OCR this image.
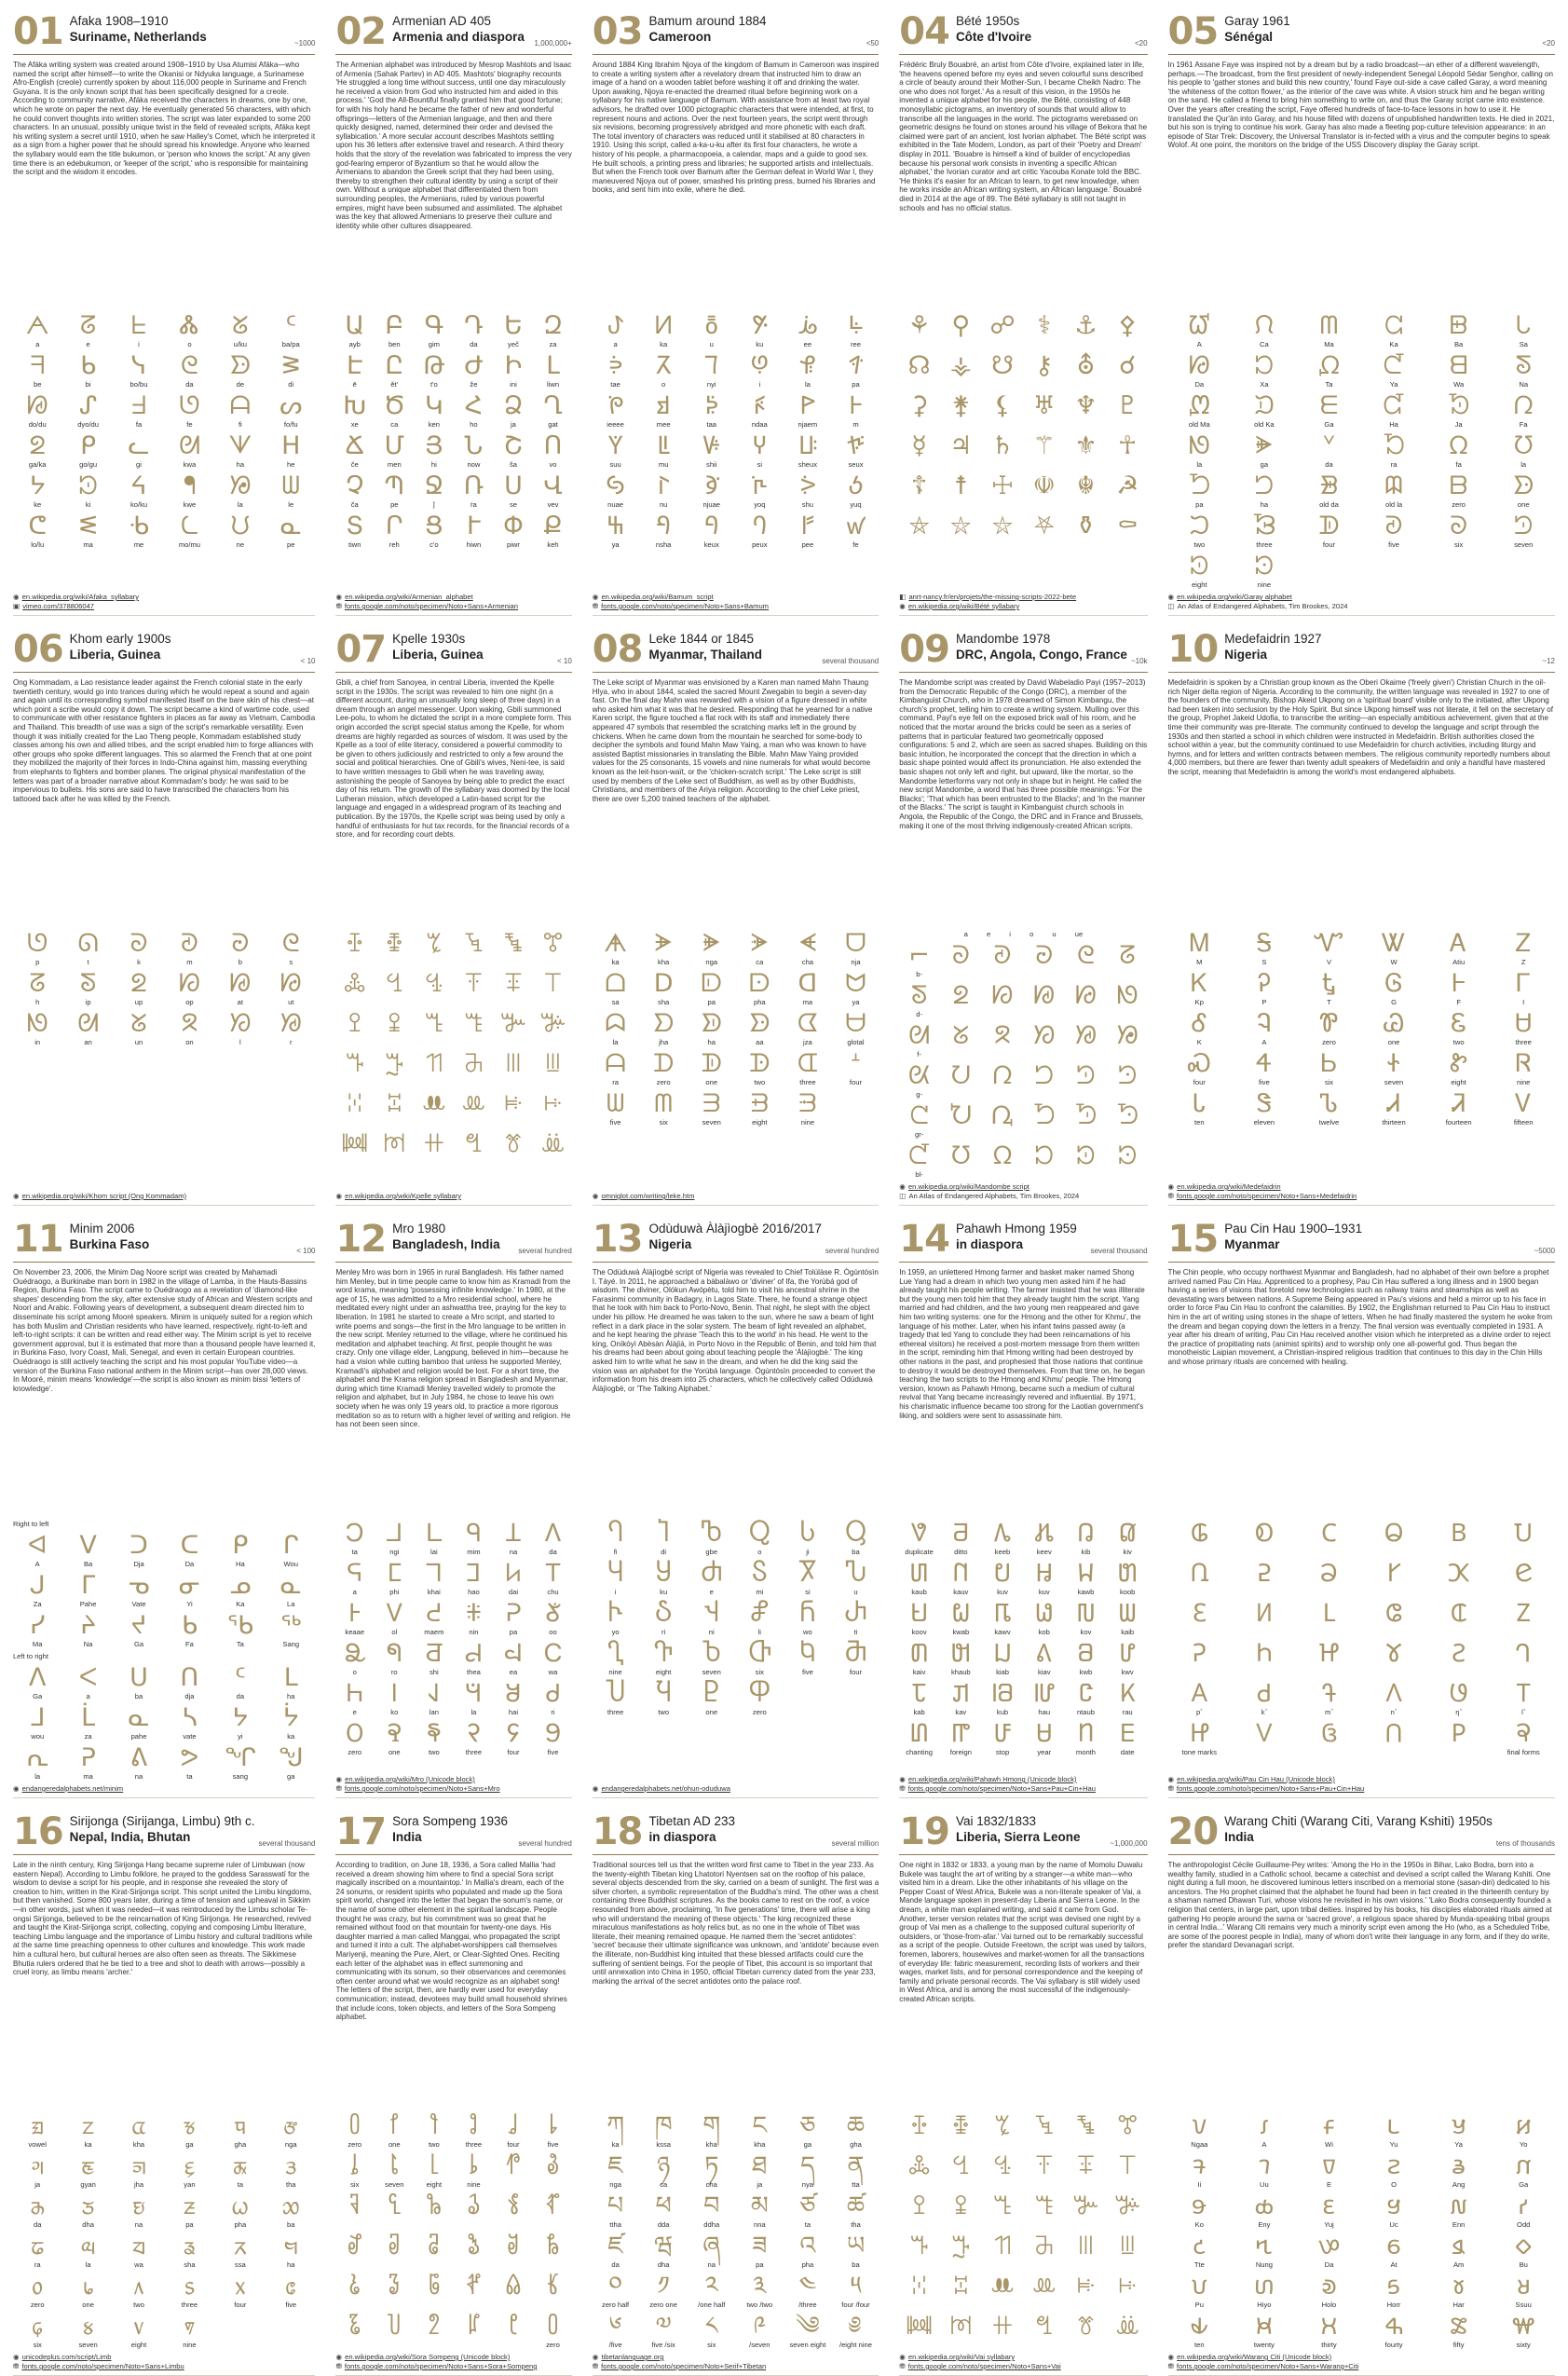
01 Afaka 1908–1910
Suriname, Netherlands	~1000
The Afáka writing system was created around 1908–1910 by Usa Atumisi Afáka—who named the script after himself—to write the Okanisi or Ndyuka language, a Surinamese Afro-English (creole) currently spoken by about 116,000 people in Suriname and French Guyana. It is the only known script that has been specifically designed for a creole. According to community narrative, Afáka received the characters in dreams, one by one, which he wrote on paper the next day. He eventually generated 56 characters, with which he could convert thoughts into written stories. The script was later expanded to some 200 characters. In an unusual, possibly unique twist in the field of revealed scripts, Afáka kept his writing system a secret until 1910, when he saw Halley's Comet, which he interpreted it as a sign from a higher power that he should spread his knowledge. Anyone who learned the syllabary would earn the title bukumon, or 'person who knows the script.' At any given time there is an edebukumon, or 'keeper of the script,' who is responsible for maintaining the script and the wisdom it encodes.
ᗅ
a
ᘔ
e
ᖶ
i
Ꮬ
o
ᘜ
u/ku
ᑦ
ba/pa
ᖷ
be
ᑲ
bi
ᓭ
bo/bu
ᘓ
da
ᗦ
de
ᕒ
di
ᘘ
do/du
ᔑ
dyo/du
ᖵ
fa
ᘎ
fe
ᗩ
fi
ᔕ
fo/fu
ᘖ
ga/ka
ᑭ
go/gu
ᓚ
gi
ᘛ
kwa
ᗐ
ha
ᕼ
he
ᔭ
ke
ᘱ
ki
ᔦ
ko/ku
ᖳ
kwe
ᘠ
la
ᗯ
le
ᕦ
lo/lu
ᓬ
ma
ᑾ
me
ᘇ
mo/mu
ᙀ
ne
ᓇ
pe
◉ en.wikipedia.org/wiki/Afaka_syllabary
▣ vimeo.com/378806047
02 Armenian AD 405
Armenia and diaspora	1,000,000+
The Armenian alphabet was introduced by Mesrop Mashtots and Isaac of Armenia (Sahak Partev) in AD 405. Mashtots' biography recounts 'He struggled a long time without success, until one day miraculously he received a vision from God who instructed him and aided in this process.' 'God the All-Bountiful finally granted him that good fortune; for with his holy hand he became the father of new and wonderful offsprings—letters of the Armenian language, and then and there quickly designed, named, determined their order and devised the syllabication.' A more secular account describes Mashtots settling upon his 36 letters after extensive travel and research. A third theory holds that the story of the revelation was fabricated to impress the very god-fearing emperor of Byzantium so that he would allow the Armenians to abandon the Greek script that they had been using, thereby to strengthen their cultural identity by using a script of their own. Without a unique alphabet that differentiated them from surrounding peoples, the Armenians, ruled by various powerful empires, might have been subsumed and assimilated. The alphabet was the key that allowed Armenians to preserve their culture and identity while other cultures disappeared.
Ա
ayb
Բ
ben
Գ
gim
Դ
da
Ե
yeč
Զ
za
Է
ē
Ը
ět'
Թ
t'o
Ժ
že
Ի
ini
Լ
liwn
Խ
xe
Ծ
ca
Կ
ken
Հ
ho
Ձ
ja
Ղ
gat
Ճ
če
Մ
men
Յ
hi
Ն
now
Շ
ša
Ո
vo
Չ
ča
Պ
pe
Ջ
ǰ
Ռ
ṙa
Ս
se
Վ
vev
Տ
tiwn
Ր
reh
Ց
c'o
Ւ
hiwn
Փ
piwr
Ք
keh
◉ en.wikipedia.org/wiki/Armenian_alphabet
⛃ fonts.google.com/noto/specimen/Noto+Sans+Armenian
03 Bamum around 1884
Cameroon	<50
Around 1884 King Ibrahim Njoya of the kingdom of Bamum in Cameroon was inspired to create a writing system after a revelatory dream that instructed him to draw an image of a hand on a wooden tablet before washing it off and drinking the water. Upon awaking, Njoya re-enacted the dreamed ritual before beginning work on a syllabary for his native language of Bamum. With assistance from at least two royal advisors, he drafted over 1000 pictographic characters that were intended, at first, to represent nouns and actions. Over the next fourteen years, the script went through six revisions, becoming progressively abridged and more phonetic with each draft. The total inventory of characters was reduced until it stabilised at 80 characters in 1910. Using this script, called a-ka-u-ku after its first four characters, he wrote a history of his people, a pharmacopoeia, a calendar, maps and a guide to good sex. He built schools, a printing press and libraries; he supported artists and intellectuals. But when the French took over Bamum after the German defeat in World War I, they maneuvered Njoya out of power, smashed his printing press, burned his libraries and books, and sent him into exile, where he died.
ꚠ
a
ꚡ
ka
ꚢ
u
ꚣ
ku
ꚤ
ee
ꚥ
ree
ꚦ
tae
ꚧ
o
ꚨ
nyi
ꚩ
i
ꚪ
la
ꚫ
pa
ꚬ
ieeee
ꚭ
mee
ꚮ
taa
ꚯ
ndaa
ꚰ
njaem
ꚱ
m
ꚲ
suu
ꚳ
mu
ꚴ
shii
ꚵ
si
ꚶ
sheux
ꚷ
seux
ꚸ
nuae
ꚹ
nu
ꚺ
njuae
ꚻ
yoq
ꚼ
shu
ꚽ
yuq
ꚾ
ya
ꚿ
nsha
ꛀ
keux
ꛁ
peux
ꛂ
pee
ꛃ
fe
◉ en.wikipedia.org/wiki/Bamum_script
⛃ fonts.google.com/noto/specimen/Noto+Sans+Bamum
04 Bété 1950s
Côte d'Ivoire	<20
Frédéric Bruly Bouabré, an artist from Côte d'Ivoire, explained later in life, 'the heavens opened before my eyes and seven colourful suns described a circle of beauty around their Mother-Sun, I became Cheikh Nadro: The one who does not forget.' As a result of this vision, in the 1950s he invented a unique alphabet for his people, the Bété, consisting of 448 monosyllabic pictograms, an inventory of sounds that would allow to transcribe all the languages in the world. The pictograms werebased on geometric designs he found on stones around his village of Bekora that he claimed were part of an ancient, lost Ivorian alphabet. The Bété script was exhibited in the Tate Modern, London, as part of their 'Poetry and Dream' display in 2011. 'Bouabre is himself a kind of builder of encyclopedias because his personal work consists in inventing a specific African alphabet,' the Ivorian curator and art critic Yacouba Konate told the BBC. 'He thinks it's easier for an African to learn, to get new knowledge, when he works inside an African writing system, an African language.' Bouabré died in 2014 at the age of 89. The Bété syllabary is still not taught in schools and has no official status.
⚘
⚲
☍
⚕
⚓
⚴

☊
⚶
☋
⚷
⛢
☌

⚳
⚵
⚸
♅
♆
♇

☿
♃
♄
⚚
⚜
☥

☦
☨
☩
☫
☬
☭

⛤
⛥
⛦
⛧
⚱
⚰

◧ anrt-nancy.fr/en/projets/the-missing-scripts-2022-bete
◉ en.wikipedia.org/wiki/Bété syllabary
05 Garay 1961
Sénégal	<20
In 1961 Assane Faye was inspired not by a dream but by a radio broadcast—an ether of a different wavelength, perhaps.—The broadcast, from the first president of newly-independent Senegal Léopold Sédar Senghor, calling on his people to 'gather stones and build this new country,' found Faye out-side a cave called Garay, a word meaning 'the whiteness of the cotton flower,' as the interior of the cave was white. A vision struck him and he began writing on the sand. He called a friend to bring him something to write on, and thus the Garay script came into existence. Over the years after creating the script, Faye offered hundreds of face-to-face lessons in how to use it. He translated the Qur'ān into Garay, and his house filled with dozens of unpublished handwritten texts. He died in 2021, but his son is trying to continue his work. Garay has also made a fleeting pop-culture television appearance: in an episode of Star Trek: Discovery, the Universal Translator is in-fected with a virus and the computer begins to speak Wolof. At one point, the monitors on the bridge of the USS Discovery display the Garay script.
ᘺ
A
ᙁ
Ca
ᗰ
Ma
ᘳ
Ka
ᗸ
Ba
ᘂ
Sa
ᘙ
Da
ᘰ
Xa
ᘵ
Ta
ᘭ
Ya
ᗺ
Wa
ᘕ
Na
ᘻ
old Ma
ᙃ
old Ka
ᗴ
Ga
ᘹ
Ha
ᘷ
Ja
ᘣ
Fa
ᘚ
la
ᗙ
ga
ᘁ
da
ᘶ
ra
ᘯ
fa
ᘮ
la
ᘪ
pa
ᘤ
ha
ᗾ
old da
ᗼ
old la
ᗷ
zero
ᗦ
one
ᙂ
two
ᘽ
three
ᗫ
four
ᘑ
five
ᘐ
six
ᘥ
seven
ᘱ
eight
ᘲ
nine
◉ en.wikipedia.org/wiki/Garay alphabet
◫ An Atlas of Endangered Alphabets, Tim Brookes, 2024
06 Khom early 1900s
Liberia, Guinea	< 10
Ong Kommadam, a Lao resistance leader against the French colonial state in the early twentieth century, would go into trances during which he would repeat a sound and again and again until its corresponding symbol manifested itself on the bare skin of his chest—at which point a scribe would copy it down. The script became a kind of wartime code, used to communicate with other resistance fighters in places as far away as Vietnam, Cambodia and Thailand. This breadth of use was a sign of the script's remarkable versatility. Even though it was initially created for the Lao Theng people, Kommadam established study classes among his own and allied tribes, and the script enabled him to forge alliances with other groups who spoke different languages. This so alarmed the French that at one point they mobilized the majority of their forces in Indo-China against him, massing everything from elephants to fighters and bomber planes. The original physical manifestation of the letters was part of a broader narrative about Kommadam's body: he was said to be impervious to bullets. His sons are said to have transcribed the characters from his tattooed back after he was killed by the French.
ᘎ
p
ᘏ
t
ᘐ
k
ᘑ
m
ᘒ
b
ᘓ
s
ᘔ
h
ᘕ
ip
ᘖ
up
ᘗ
op
ᘘ
at
ᘙ
ut
ᘚ
in
ᘛ
an
ᘜ
un
ᘝ
on
ᘞ
l
ᘟ
r
◉ en.wikipedia.org/wiki/Khom script (Ong Kommadam)
07 Kpelle 1930s
Liberia, Guinea	< 10
Gbili, a chief from Sanoyea, in central Liberia, invented the Kpelle script in the 1930s. The script was revealed to him one night (in a different account, during an unusually long sleep of three days) in a dream through an angel messenger. Upon waking, Gbili summoned Lee-polu, to whom he dictated the script in a more complete form. This origin accorded the script special status among the Kpelle, for whom dreams are highly regarded as sources of wisdom. It was used by the Kpelle as a tool of elite literacy, considered a powerful commodity to be given to others judiciously and restricted to only a few around the social and political hierarchies. One of Gbili's wives, Neni-tee, is said to have written messages to Gbili when he was traveling away, astonishing the people of Sanoyea by being able to predict the exact day of his return. The growth of the syllabary was doomed by the local Lutheran mission, which developed a Latin-based script for the language and engaged in a widespread program of its teaching and publication. By the 1970s, the Kpelle script was being used by only a handful of enthusiasts for hut tax records, for the financial records of a store, and for recording court debts.
ꔀ
ꔁ
ꔂ
ꔃ
ꔄ
ꔅ

ꔆ
ꔇ
ꔈ
ꔉ
ꔊ
ꔋ

ꔌ
ꔍ
ꔎ
ꔏ
ꔐ
ꔑ

ꔒ
ꔓ
ꔔ
ꔕ
ꔖ
ꔗ

ꔘ
ꔙ
ꔚ
ꔛ
ꔜ
ꔝ

ꔞ
ꔟ
ꔠ
ꔡ
ꔢ
ꔣ

◉ en.wikipedia.org/wiki/Kpelle syllabary
08 Leke 1844 or 1845
Myanmar, Thailand	several thousand
The Leke script of Myanmar was envisioned by a Karen man named Mahn Thaung Hlya, who in about 1844, scaled the sacred Mount Zwegabin to begin a seven-day fast. On the final day Mahn was rewarded with a vision of a figure dressed in white who asked him what it was that he desired. Responding that he yearned for a native Karen script, the figure touched a flat rock with its staff and immediately there appeared 47 symbols that resembled the scratching marks left in the ground by chickens. When he came down from the mountain he searched for some-body to decipher the symbols and found Mahn Maw Yaing, a man who was known to have assisted Baptist missionaries in translating the Bible. Mahn Maw Yaing provided values for the 25 consonants, 15 vowels and nine numerals for what would become known as the leit-hson-waït, or the 'chicken-scratch script.' The Leke script is still used by members of the Leke sect of Buddhism, as well as by other Buddhists, Christians, and members of the Ariya religion. According to the chief Leke priest, there are over 5,200 trained teachers of the alphabet.
ᗗ
ka
ᗘ
kha
ᗙ
nga
ᗚ
ca
ᗛ
cha
ᗜ
nja
ᗝ
sa
ᗞ
sha
ᗟ
pa
ᗠ
pha
ᗡ
ma
ᗢ
ya
ᗣ
la
ᗤ
jha
ᗥ
ha
ᗦ
aa
ᗧ
jza
ᗨ
glotal
ᗩ
ra
ᗪ
zero
ᗫ
one
ᗬ
two
ᗭ
three
ᗮ
four
ᗯ
five
ᗰ
six
ᗱ
seven
ᗲ
eight
ᗳ
nine
◉ omniglot.com/writing/leke.htm
09 Mandombe 1978
DRC, Angola, Congo, France ~10k
The Mandombe script was created by David Wabeladio Payi (1957–2013) from the Democratic Republic of the Congo (DRC), a member of the Kimbanguist Church, who in 1978 dreamed of Simon Kimbangu, the church's prophet, telling him to create a writing system. Mulling over this command, Payi's eye fell on the exposed brick wall of his room, and he noticed that the mortar around the bricks could be seen as a series of patterns that in particular featured two geometrically opposed configurations: 5 and 2, which are seen as sacred shapes. Building on this basic intuition, he incorporated the concept that the direction in which a basic shape pointed would affect its pronunciation. He also extended the basic shapes not only left and right, but upward, like the mortar, so the Mandombe letterforms vary not only in shape but in height. He called the new script Mandombe, a word that has three possible meanings: 'For the Blacks'; 'That which has been entrusted to the Blacks'; and 'In the manner of the Blacks.' The script is taught in Kimbanguist church schools in Angola, the Republic of the Congo, the DRC and in France and Brussels, making it one of the most thriving indigenously-created African scripts.
a e i o u ue
⌐
b-
ᘐ
ᘑ
ᘒ
ᘓ
ᘔ

ᘕ
d-
ᘖ
ᘗ
ᘘ
ᘙ
ᘚ

ᘛ
f-
ᘜ
ᘝ
ᘞ
ᘟ
ᘠ

ᘡ
g-
ᘢ
ᘣ
ᘤ
ᘥ
ᘦ

ᘧ
gr-
ᘨ
ᘩ
ᘪ
ᘫ
ᘬ

ᘭ
bl-
ᘮ
ᘯ
ᘰ
ᘱ
ᘲ

◉ en.wikipedia.org/wiki/Mandombe script
◫ An Atlas of Endangered Alphabets, Tim Brookes, 2024
10 Medefaidrin 1927
Nigeria	~12
Medefaidrin is spoken by a Christian group known as the Oberi Okaime ('freely given') Christian Church in the oil-rich Niger delta region of Nigeria. According to the community, the written language was revealed in 1927 to one of the founders of the community, Bishop Akeid Ukpong on a 'spiritual board' visible only to the initiated, after Ukpong had been taken into seclusion by the Holy Spirit. But since Ukpong himself was not literate, it fell on the secretary of the group, Prophet Jakeid Udofia, to transcribe the writing—an especially ambitious achievement, given that at the time their community was pre-literate. The community continued to develop the language and script through the 1930s and then started a school in which children were instructed in Medefaidrin. British authorities closed the school within a year, but the community continued to use Medefaidrin for church activities, including liturgy and hymns, and for letters and written contracts between members. The religious community reportedly numbers about 4,000 members, but there are fewer than twenty adult speakers of Medefaidrin and only a handful have mastered the script, meaning that Medefaidrin is among the world's most endangered alphabets.
Ꮇ
M
Ꭶ
S
Ꮙ
V
Ꮤ
W
Ꭺ
Atiu
Ꮓ
Z
Ꮶ
Kp
Ꭾ
P
Ꮏ
T
Ꮆ
G
Ꮀ
F
Ꮁ
I
Ꮄ
K
Ꮈ
A
Ꮘ
zero
Ꮚ
one
Ꮛ
two
Ꮜ
three
Ꮝ
four
Ꮞ
five
Ꮟ
six
Ꮠ
seven
Ꮡ
eight
Ꮢ
nine
Ꮣ
ten
Ꮥ
eleven
Ꮦ
twelve
Ꮧ
thirteen
Ꮨ
fourteen
Ꮩ
fifteen
◉ en.wikipedia.org/wiki/Medefaidrin
⛃ fonts.google.com/noto/specimen/Noto+Sans+Medefaidrin
11 Minim 2006
Burkina Faso	< 100
On November 23, 2006, the Minim Dag Noore script was created by Mahamadi Ouédraogo, a Burkinabe man born in 1982 in the village of Lamba, in the Hauts-Bassins Region, Burkina Faso. The script came to Ouédraogo as a revelation of 'diamond-like shapes' descending from the sky, after extensive study of African and Western scripts and Noorí and Arabic. Following years of development, a subsequent dream directed him to disseminate his script among Mooré speakers. Minim is uniquely suited for a region which has both Muslim and Christian residents who have learned, respectively, right-to-left and left-to-right scripts: it can be written and read either way. The Minim script is yet to receive government approval, but it is estimated that more than a thousand people have learned it, in Burkina Faso, Ivory Coast, Mali, Senegal, and even in certain European countries. Ouédraogo is still actively teaching the script and his most popular YouTube video—a version of the Burkina Faso national anthem in the Minim script—has over 28,000 views. In Mooré, minim means 'knowledge'—the script is also known as minim bissi 'letters of knowledge'.
Right to left
ᐊ
A
ᐯ
Ba
ᑐ
Dja
ᑕ
Da
ᑭ
Ha
ᒋ
Wou
ᒍ
Za
ᒥ
Pahe
ᓀ
Vate
ᓂ
Yi
ᓄ
Ka
ᓇ
La
ᓯ
Ma
ᔨ
Na
ᔪ
Ga
ᑲ
Fa
ᖃ
Ta
ᖅ
Sang
Left to right
ᐱ
Ga
ᐸ
a
ᑌ
ba
ᑎ
dja
ᑦ
da
ᒪ
ha
ᒧ
wou
ᒫ
za
ᓇ
pahe
ᓴ
vate
ᔭ
yi
ᔮ
ka
ᕆ
la
ᕈ
ma
ᕕ
na
ᕗ
ta
ᖏ
sang
ᖑ
ga
◉ endangeredalphabets.net/minim
12 Mro 1980
Bangladesh, India	several hundred
Menley Mro was born in 1965 in rural Bangladesh. His father named him Menley, but in time people came to know him as Kramadi from the word krama, meaning 'possessing infinite knowledge.' In 1980, at the age of 15, he was admitted to a Mro residential school, where he meditated every night under an ashwattha tree, praying for the key to liberation. In 1981 he started to create a Mro script, and started to write poems and songs—the first in the Mro language to be written in the new script. Menley returned to the village, where he continued his meditation and alphabet teaching. At first, people thought he was crazy. Only one village elder, Langpung, believed in him—because he had a vision while cutting bamboo that unless he supported Menley, Kramadi's alphabet and religion would be lost. For a short time, the alphabet and the Krama religion spread in Bangladesh and Myanmar, during which time Kramadi Menley travelled widely to promote the religion and alphabet, but in July 1984, he chose to leave his own society when he was only 19 years old, to practice a more rigorous meditation so as to return with a higher level of writing and religion. He has not been seen since.
𖩀
ta
𖩁
ngi
𖩂
lai
𖩃
mim
𖩄
na
𖩅
da
𖩆
a
𖩇
phi
𖩈
khai
𖩉
hao
𖩊
dai
𖩋
chu
𖩌
keaae
𖩍
ol
𖩎
maem
𖩏
nin
𖩐
pa
𖩑
oo
𖩒
o
𖩓
ro
𖩔
shi
𖩕
thea
𖩖
ea
𖩗
wa
𖩘
e
𖩙
ko
𖩚
lan
𖩛
la
𖩜
hai
𖩝
ri
𖩠
zero
𖩡
one
𖩢
two
𖩣
three
𖩤
four
𖩥
five
◉ en.wikipedia.org/wiki/Mro (Unicode block)
⛃ fonts.google.com/noto/specimen/Noto+Sans+Mro
13 Odùduwà Àlàjìogbè 2016/2017
Nigeria	several hundred
The Odùduwà Àlàjìogbè script of Nigeria was revealed to Chief Tolúlàse R. Ògúntósìn I. Táyé. In 2011, he approached a bàbalàwo or 'diviner' of Ifa, the Yorùbá god of wisdom. The diviner, Olókun Awópètu, told him to visit his ancestral shrine in the Farasinmi community in Badagry, in Lagos State. There, he found a strange object that he took with him back to Porto-Novo, Benin. That night, he slept with the object under his pillow. He dreamed he was taken to the sun, where he saw a beam of light reflect in a dark place in the solar system. The beam of light revealed an alphabet, and he kept hearing the phrase 'Teach this to the world' in his head. He went to the king, Oníkòyì Abèsàn Àlàjìà, in Porto Novo in the Republic of Benin, and told him that his dreams had been about going about teaching people the 'Àlàjìogbè.' The king asked him to write what he saw in the dream, and when he did the king said the vision was an alphabet for the Yorùbá language. Ògúntósìn proceeded to convert the information from his dream into 25 characters, which he collectively called Odùduwà Àlàjìogbè, or 'The Talking Alphabet.'
Ⴄ
fi
Ⴈ
di
Ⴊ
gbe
Ⴍ
o
Ⴑ
ji
Ⴓ
ba
Ⴗ
i
Ⴘ
ku
Ⴛ
e
Ⴝ
mi
Ⴟ
si
Ⴠ
u
Ⴡ
yo
Ⴢ
ri
Ⴣ
ni
Ⴥ
li
Ⴌ
wo
Ⴐ
ti
Ⴂ
nine
Ⴅ
eight
Ⴆ
seven
Ⴇ
six
Ⴉ
five
Ⴋ
four
Ⴎ
three
Ⴏ
two
Ⴒ
one
Ⴔ
zero
◉ endangeredalphabets.net/ohun-oduduwa
14 Pahawh Hmong 1959
in diaspora	several thousand
In 1959, an unlettered Hmong farmer and basket maker named Shong Lue Yang had a dream in which two young men asked him if he had already taught his people writing. The farmer insisted that he was illiterate but the young men told him that they already taught him the script. Yang married and had children, and the two young men reappeared and gave him two writing systems: one for the Hmong and the other for Khmu', the language of his mother. Later, when his infant twins passed away (a tragedy that led Yang to conclude they had been reincarnations of his ethereal visitors) he received a post-mortem message from them written in the script, reminding him that Hmong writing had been destroyed by other nations in the past, and prophesied that those nations that continue to destroy it would be destroyed themselves. From that time on, he began teaching the two scripts to the Hmong and Khmu' people. The Hmong version, known as Pahawh Hmong, became such a medium of cultural revival that Yang became increasingly revered and influential. By 1971, his charismatic influence became too strong for the Laotian government's liking, and soldiers were sent to assassinate him.
𖬀
duplicate
𖬁
ditto
𖬂
keeb
𖬃
keev
𖬄
kib
𖬅
kiv
𖬆
kaub
𖬇
kauv
𖬈
kuv
𖬉
kuv
𖬊
kawb
𖬋
koob
𖬌
koov
𖬍
kwab
𖬎
kawv
𖬏
kob
𖬐
kov
𖬑
kaib
𖬒
kaiv
𖬓
khaub
𖬔
kiab
𖬕
kiav
𖬖
kwb
𖬗
kwv
𖬘
kab
𖬙
kav
𖬚
kub
𖬛
hau
𖬜
ntaub
𖬝
rau
𖬞
chanting
𖬟
foreign
𖬠
stop
𖬡
year
𖬢
month
𖬣
date
◉ en.wikipedia.org/wiki/Pahawh Hmong (Unicode block)
⛃ fonts.google.com/noto/specimen/Noto+Sans+Pau+Cin+Hau
15 Pau Cin Hau 1900–1931
Myanmar	~5000
The Chin people, who occupy northwest Myanmar and Bangladesh, had no alphabet of their own before a prophet arrived named Pau Cin Hau. Apprenticed to a prophesy, Pau Cin Hau suffered a long illness and in 1900 began having a series of visions that foretold new technologies such as railway trains and steamships as well as devastating wars between nations. A Supreme Being appeared in Pau's visions and held a mirror up to his face in order to force Pau Cin Hau to confront the calamities. By 1902, the Englishman returned to Pau Cin Hau to instruct him in the art of writing using stones in the shape of letters. When he had finally mastered the system he woke from the dream and began copying down the letters in a frenzy. The final version was eventually completed in 1931. A year after his dream of writing, Pau Cin Hau received another vision which he interpreted as a divine order to reject the practice of propitiating nats (animist spirits) and to worship only one all-powerful god. Thus began the monotheistic Laipian movement, a Christian-inspired religious tradition that continues to this day in the Chin Hills and whose primary rituals are concerned with healing.
𑫀
𑫁
𑫂
𑫃
𑫄
𑫅

𑫆
𑫇
𑫈
𑫉
𑫊
𑫋

𑫌
𑫍
𑫎
𑫏
𑫐
𑫑

𑫒
𑫓
𑫔
𑫕
𑫖
𑫗

𑫘
p˺
𑫙
k˺
𑫚
m˺
𑫛
n˺
𑫜
ŋ˺
𑫝
l˺
𑫞
tone marks
𑫟
𑫠
𑫡
𑫢
𑫣
final forms
◉ en.wikipedia.org/wiki/Pau Cin Hau (Unicode block)
⛃ fonts.google.com/noto/specimen/Noto+Sans+Pau+Cin+Hau
16 Sirijonga (Sirijanga, Limbu) 9th c.
Nepal, India, Bhutan	several thousand
Late in the ninth century, King Sirijonga Hang became supreme ruler of Limbuwan (now eastern Nepal). According to Limbu folklore, he prayed to the goddess Sarasswatí for the wisdom to devise a script for his people, and in response she revealed the story of creation to him, written in the Kirat-Sirijonga script. This script united the Limbu kingdoms, but then vanished. Some 800 years later, during a time of tension and upheaval in Sikkim—in other words, just when it was needed—it was reintroduced by the Limbu scholar Te-ongsi Sirijonga, believed to be the reincarnation of King Sirijonga. He researched, revived and taught the Kirat-Sirijonga script, collecting, copying and composing Limbu literature, teaching Limbu language and the importance of Limbu history and cultural traditions while at the same time preaching openness to other cultures and knowledge. This work made him a cultural hero, but cultural heroes are also often seen as threats. The Sikkimese Bhutia rulers ordered that he be tied to a tree and shot to death with arrows—possibly a cruel irony, as limbu means 'archer.'
ᤀ
vowel
ᤁ
ka
ᤂ
kha
ᤃ
ga
ᤄ
gha
ᤅ
nga
ᤆ
ja
ᤇ
gyan
ᤈ
jha
ᤉ
yan
ᤊ
ta
ᤋ
tha
ᤌ
da
ᤍ
dha
ᤎ
na
ᤏ
pa
ᤐ
pha
ᤑ
ba
ᤒ
ra
ᤓ
la
ᤔ
wa
ᤕ
sha
ᤖ
ssa
ᤗ
ha
᥆
zero
᥇
one
᥈
two
᥉
three
᥊
four
᥋
five
᥌
six
᥍
seven
᥎
eight
᥏
nine
◉ unicodeplus.com/script/Limb
⛃ fonts.google.com/noto/specimen/Noto+Sans+Limbu
17 Sora Sompeng 1936
India	several hundred
According to tradition, on June 18, 1936, a Sora called Mallia 'had received a dream showing him where to find a special Sora script magically inscribed on a mountaintop.' In Mallia's dream, each of the 24 sonums, or resident spirits who populated and made up the Sora spirit world, changed into the letter that began the sonum's name, or the name of some other element in the spiritual landscape. People thought he was crazy, but his commitment was so great that he remained without food on that mountain for twenty-one days. His daughter married a man called Manggai, who propagated the script and turned it into a cult. The alphabet-worshippers call themselves Mariyenji, meaning the Pure, Alert, or Clear-Sighted Ones. Reciting each letter of the alphabet was in effect summoning and communicating with its sonum, so their observances and ceremonies often center around what we would recognize as an alphabet song! The letters of the script, then, are hardly ever used for everyday communication; instead, devotees may build small household shrines that include icons, token objects, and letters of the Sora Sompeng alphabet.
𑃰
zero
𑃱
one
𑃲
two
𑃳
three
𑃴
four
𑃵
five
𑃶
six
𑃷
seven
𑃸
eight
𑃹
nine
𑃐
𑃑

𑃒
𑃓
𑃔
𑃕
𑃖
𑃗

𑃘
𑃙
𑃚
𑃛
𑃜
𑃝

𑃞
𑃟
𑃠
𑃡
𑃢
𑃣

𑃤
𑃥
𑃦
𑃧
𑃨
𑃰
zero
◉ en.wikipedia.org/wiki/Sora Sompeng (Unicode block)
⛃ fonts.google.com/noto/specimen/Noto+Sans+Sora+Sompeng
18 Tibetan AD 233
in diaspora	several million
Traditional sources tell us that the written word first came to Tibet in the year 233. As the twenty-eighth Tibetan king Lhatotori Nyentsen sat on the rooftop of his palace, several objects descended from the sky, carried on a beam of sunlight. The first was a silver chorten, a symbolic representation of the Buddha's mind. The other was a chest containing three Buddhist scriptures. As the books came to rest on the roof, a voice resounded from above, proclaiming, 'In five generations' time, there will arise a king who will understand the meaning of these objects.' The king recognized these miraculous manifestations as holy relics but, as no one in the whole of Tibet was literate, their meaning remained opaque. He named them the 'secret antidotes': 'secret' because their ultimate significance was unknown, and 'antidote' because even the illiterate, non-Buddhist king intuited that these blessed artifacts could cure the suffering of sentient beings. For the people of Tibet, this account is so important that until annexation into China in 1950, official Tibetan currency dated from the year 233, marking the arrival of the secret antidotes onto the palace roof.
ཀ
ka
ཁ
kssa
ག
kha
ང
kha
ཅ
ga
ཆ
gha
ཇ
nga
ཉ
ca
ཏ
cha
ཐ
ja
ད
nya
ན
tta
པ
ttha
ཕ
dda
བ
ddha
མ
nna
ཙ
ta
ཚ
tha
ཛ
da
ཝ
dha
ཞ
na
ཟ
pa
འ
pha
ཡ
ba
༠
zero half
༡
zero one
༢
/one half
༣
two /two
༤
/three
༥
four /four
༦
/five
༧
five /six
༨
six
༩
/seven
༄
seven eight
༅
/eight nine
◉ tibetanlanguage.org
⛃ fonts.google.com/noto/specimen/Noto+Serif+Tibetan
19 Vai 1832/1833
Liberia, Sierra Leone	~1,000,000
One night in 1832 or 1833, a young man by the name of Momolu Duwalu Bukele was taught the art of writing by a stranger—a white man—who visited him in a dream. Like the other inhabitants of his village on the Pepper Coast of West Africa, Bukele was a non-literate speaker of Vai, a Mande language spoken in present-day Liberia and Sierra Leone. In the dream, a white man explained writing, and said it came from God. Another, terser version relates that the script was devised one night by a group of Vai men as a challenge to the supposed cultural superiority of outsiders, or 'those-from-afar.' Vai turned out to be remarkably successful as a script of the people. Outside Freetown, the script was used by tailors, foremen, laborers, housewives and market-women for all the transactions of everyday life: fabric measurement, recording lists of workers and their wages, market lists, and for personal correspondence and the keeping of family and private personal records. The Vai syllabary is still widely used in West Africa, and is among the most successful of the indigenously-created African scripts.
ꔀ
ꔁ
ꔂ
ꔃ
ꔄ
ꔅ

ꔆ
ꔇ
ꔈ
ꔉ
ꔊ
ꔋ

ꔌ
ꔍ
ꔎ
ꔏ
ꔐ
ꔑ

ꔒ
ꔓ
ꔔ
ꔕ
ꔖ
ꔗ

ꔘ
ꔙ
ꔚ
ꔛ
ꔜ
ꔝ

ꔞ
ꔟ
ꔠ
ꔡ
ꔢ
ꔣ

◉ en.wikipedia.org/wiki/Vai syllabary
⛃ fonts.google.com/noto/specimen/Noto+Sans+Vai
20 Warang Chiti (Warang Citi, Varang Kshiti) 1950s
India	tens of thousands
The anthropologist Cécile Guillaume-Pey writes: 'Among the Ho in the 1950s in Bihar, Lako Bodra, born into a wealthy family, studied in a Catholic school, became a catechist and devised a script called the Warang Kshiti. One night during a full moon, he discovered luminous letters inscribed on a memorial stone (sasan-diri) dedicated to his ancestors. The Ho prophet claimed that the alphabet he found had been in fact created in the thirteenth century by a shaman named Dhawan Turi, whose visions he revisited in his own visions.' 'Lako Bodra consequently founded a religion that centers, in large part, upon tribal deities. Inspired by his books, his disciples elaborated rituals aimed at gathering Ho people around the sarna or 'sacred grove', a religious space shared by Munda-speaking tribal groups in central India...' Warang Citi remains very much a minority script even among the Ho (who, as a Scheduled Tribe, are some of the poorest people in India), many of whom don't write their language in any form, and if they do write, prefer the standard Devanagari script.
𑣀
Ngaa
𑣁
A
𑣂
Wi
𑣃
Yu
𑣄
Ya
𑣅
Yo
𑣆
Ii
𑣇
Uu
𑣈
E
𑣉
O
𑣊
Ang
𑣋
Ga
𑣌
Ko
𑣍
Eny
𑣎
Yuj
𑣏
Uc
𑣐
Enn
𑣑
Odd
𑣒
Tte
𑣓
Nung
𑣔
Da
𑣕
At
𑣖
Am
𑣗
Bu
𑣘
Pu
𑣙
Hiyo
𑣚
Holo
𑣛
Horr
𑣜
Har
𑣝
Ssuu
𑣪
ten
𑣫
twenty
𑣬
thirty
𑣭
fourty
𑣮
fifty
𑣯
sixty
◉ en.wikipedia.org/wiki/Warang Citi (Unicode block)
⛃ fonts.google.com/noto/specimen/Noto+Sans+Warang+Citi
